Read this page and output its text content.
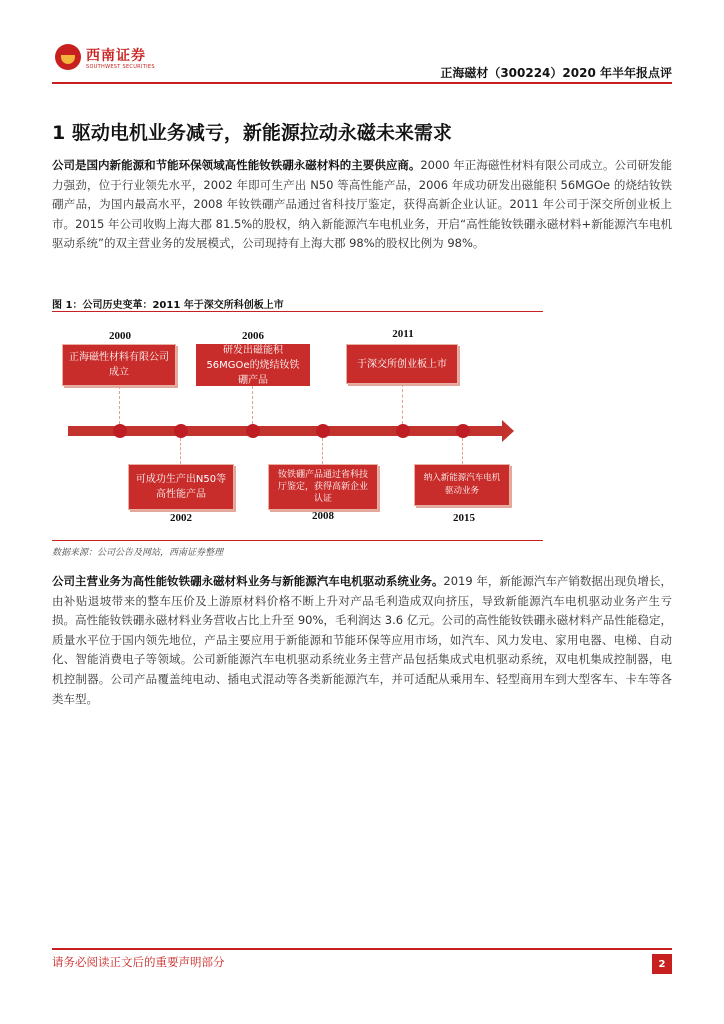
西南证券
SOUTHWEST SECURITIES	正海磁材（300224）2020 年半年报点评
1 驱动电机业务减亏，新能源拉动永磁未来需求

公司是国内新能源和节能环保领域高性能钕铁硼永磁材料的主要供应商。2000 年正海磁性材料有限公司成立。公司研发能力强劲，位于行业领先水平，2002 年即可生产出 N50 等高性能产品，2006 年成功研发出磁能积 56MGOe 的烧结钕铁硼产品，为国内最高水平，2008 年钕铁硼产品通过省科技厅鉴定，获得高新企业认证。2011 年公司于深交所创业板上市。2015 年公司收购上海大郡 81.5%的股权，纳入新能源汽车电机业务，开启“高性能钕铁硼永磁材料+新能源汽车电机驱动系统”的双主营业务的发展模式，公司现持有上海大郡 98%的股权比例为 98%。

图 1：公司历史变革：2011 年于深交所科创板上市
2000	2006	2011
正海磁性材料有限公司成立
研发出磁能积56MGOe的烧结钕铁硼产品
于深交所创业板上市
可成功生产出N50等高性能产品
钕铁硼产品通过省科技厅鉴定，获得高新企业认证
纳入新能源汽车电机驱动业务
2002	2008	2015
数据来源：公司公告及网站，西南证券整理

公司主营业务为高性能钕铁硼永磁材料业务与新能源汽车电机驱动系统业务。2019 年，新能源汽车产销数据出现负增长，由补贴退坡带来的整车压价及上游原材料价格不断上升对产品毛利造成双向挤压，导致新能源汽车电机驱动业务产生亏损。高性能钕铁硼永磁材料业务营收占比上升至 90%，毛利润达 3.6 亿元。公司的高性能钕铁硼永磁材料产品性能稳定，质量水平位于国内领先地位，产品主要应用于新能源和节能环保等应用市场，如汽车、风力发电、家用电器、电梯、自动化、智能消费电子等领域。公司新能源汽车电机驱动系统业务主营产品包括集成式电机驱动系统，双电机集成控制器，电机控制器。公司产品覆盖纯电动、插电式混动等各类新能源汽车，并可适配从乘用车、轻型商用车到大型客车、卡车等各类车型。

请务必阅读正文后的重要声明部分	2
